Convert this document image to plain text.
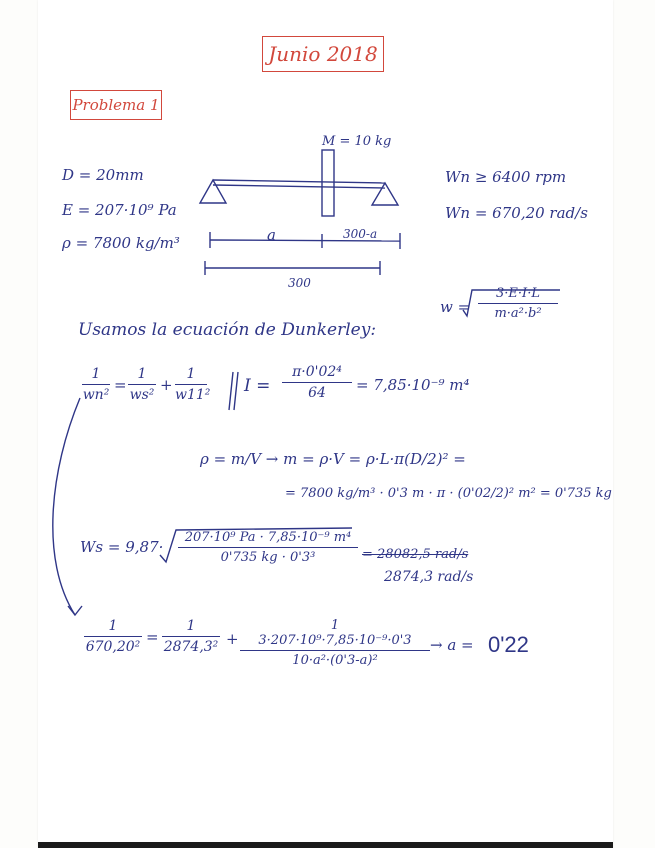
Junio 2018
Problema 1
M = 10 kg
D = 20mm
E = 207·10⁹ Pa
ρ = 7800 kg/m³
Wn ≥ 6400 rpm
Wn = 670,20 rad/s
a	300-a
300
w =
3·E·I·L
m·a²·b²
Usamos la ecuación de Dunkerley:
1
wn²
=
1
ws²
+
1
w11² I =
π·0'02⁴
64	= 7,85·10⁻⁹ m⁴
ρ = m/V → m = ρ·V = ρ·L·π(D/2)² =
= 7800 kg/m³ · 0'3 m · π · (0'02/2)² m² = 0'735 kg
Ws = 9,87·
207·10⁹ Pa · 7,85·10⁻⁹ m⁴
0'735 kg · 0'3³	= 28082,5 rad/s
2874,3 rad/s
1
670,20²
=
1
2874,3² +
1
3·207·10⁹·7,85·10⁻⁹·0'3
10·a²·(0'3-a)²
→ a = 0'22
